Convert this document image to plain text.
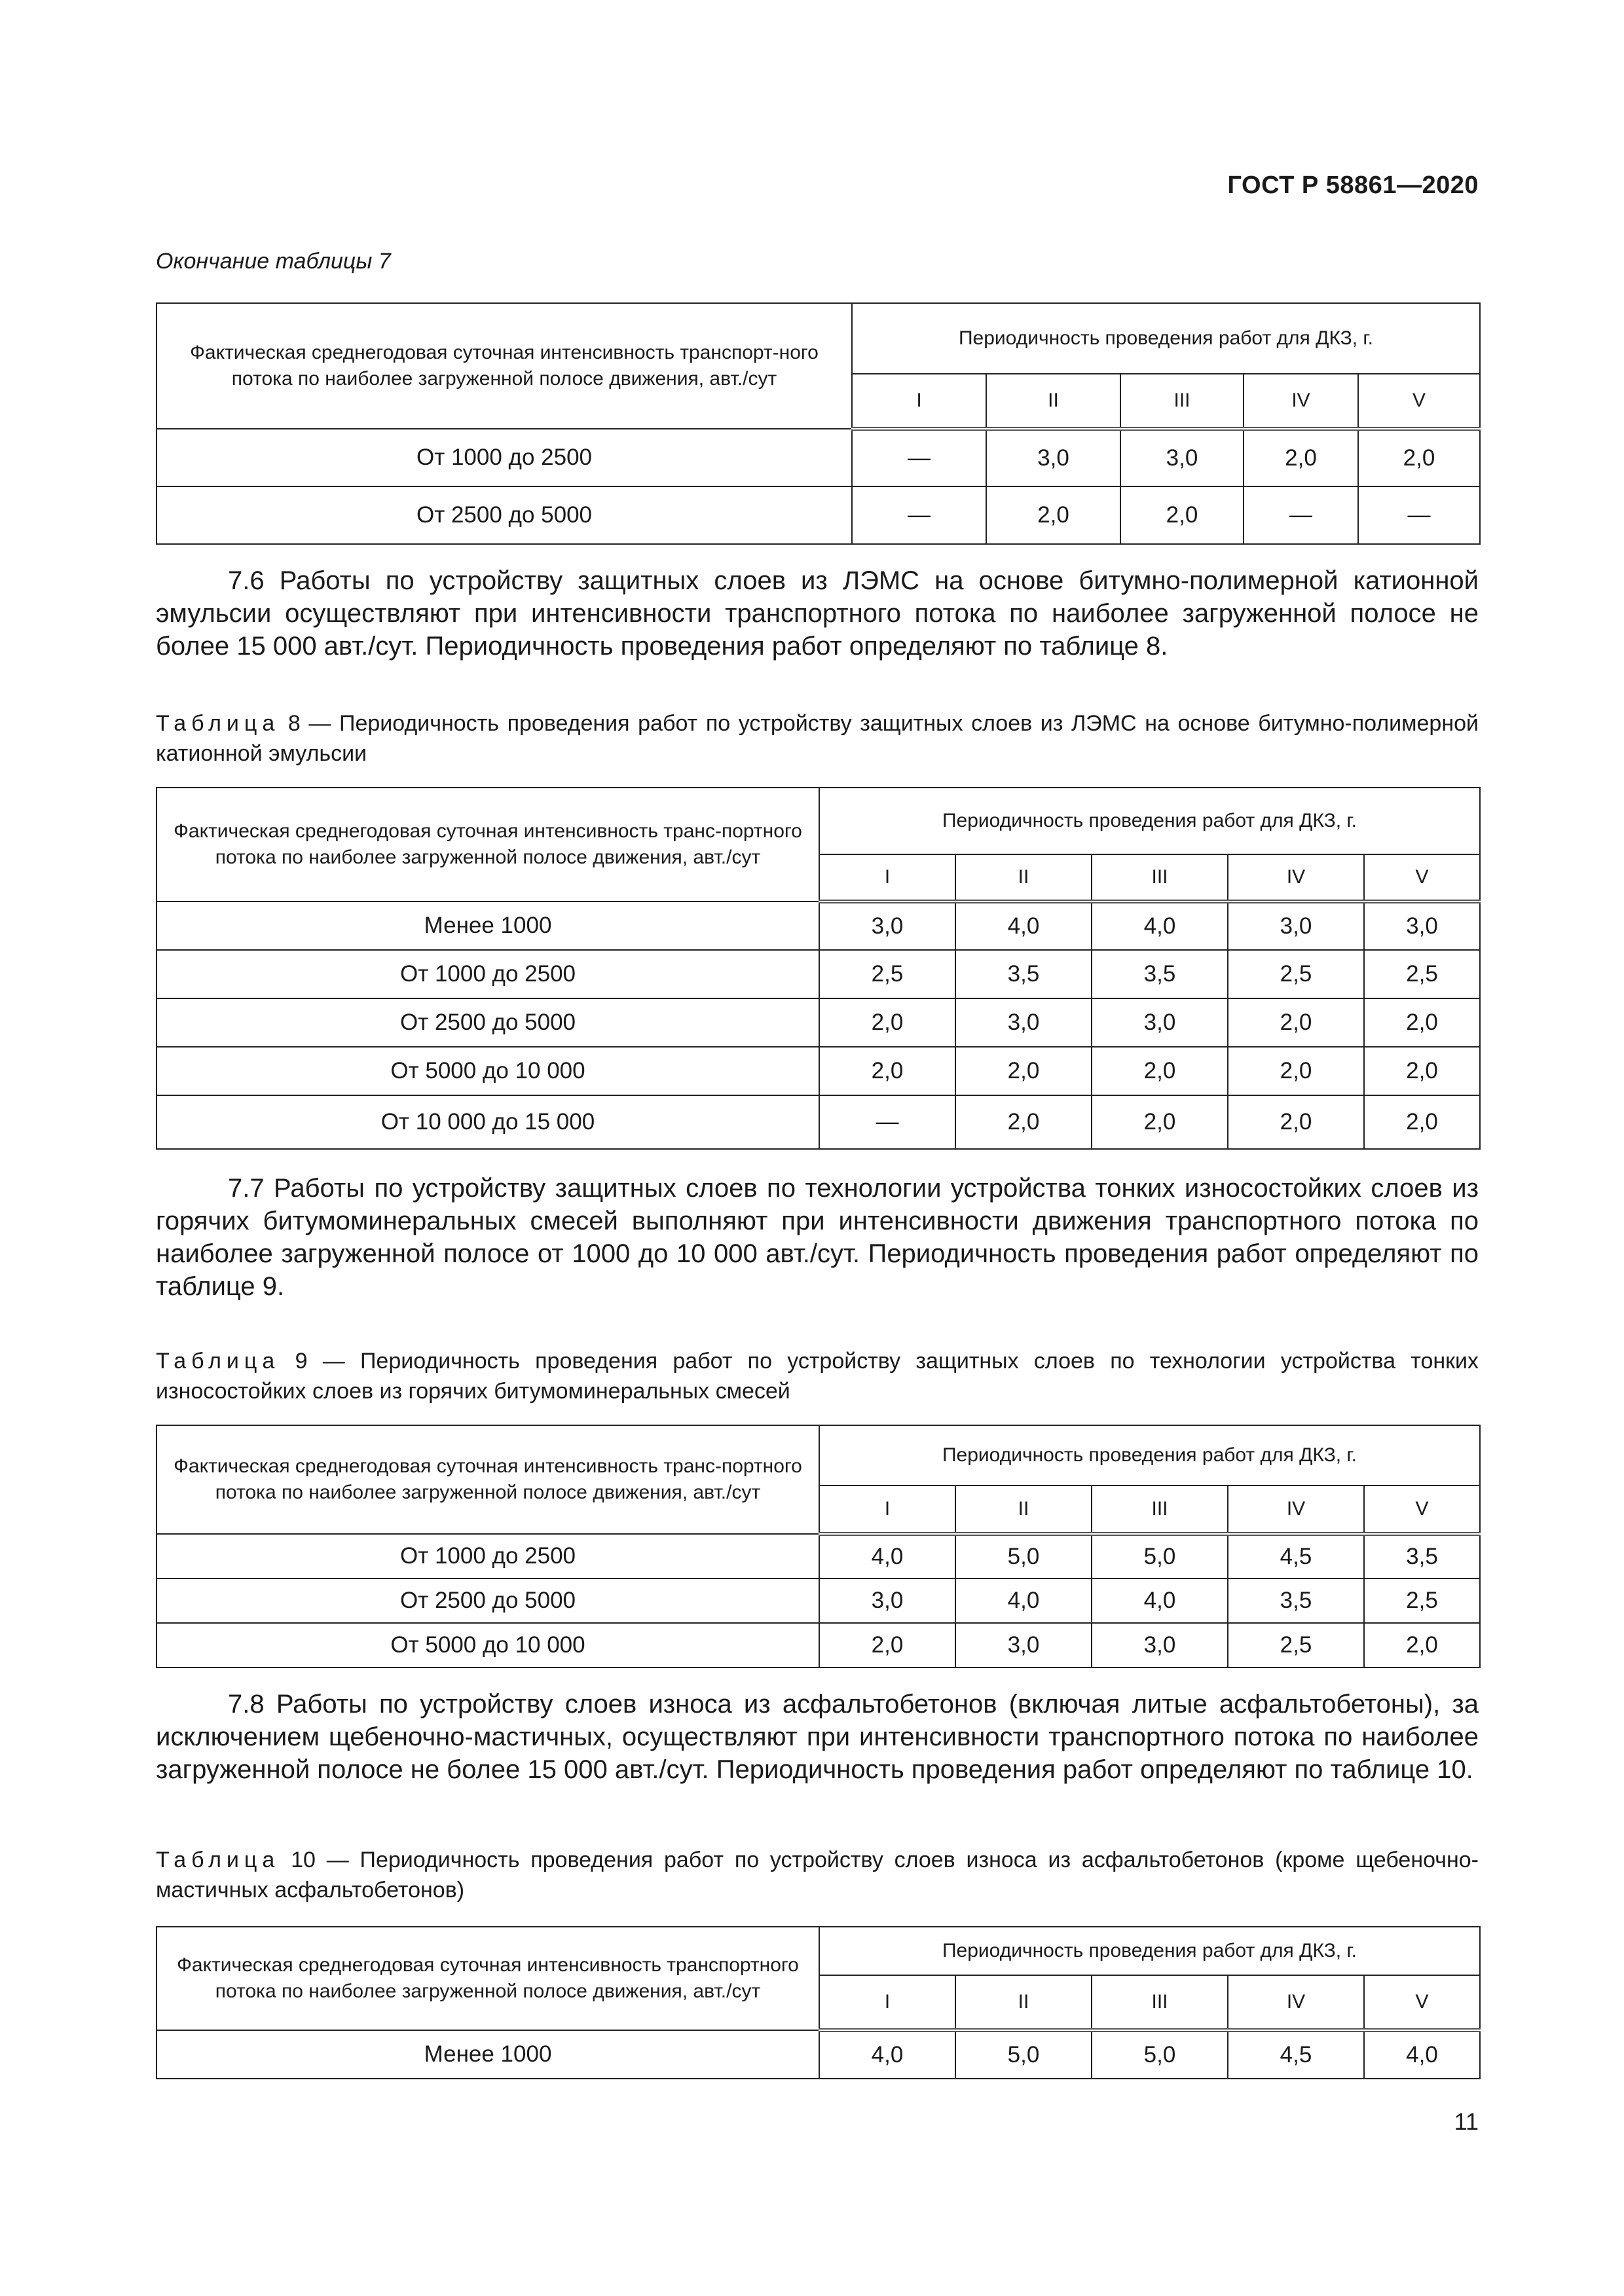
ГОСТ Р 58861—2020
Окончание таблицы 7
Фактическая среднегодовая суточная интенсивность транспорт-ного потока по наиболее загруженной полосе движения, авт./сут	Периодичность проведения работ для ДКЗ, г.				
	I	II	III	IV	V
От 1000 до 2500	—	3,0	3,0	2,0	2,0
От 2500 до 5000	—	2,0	2,0	—	—

7.6 Работы по устройству защитных слоев из ЛЭМС на основе битумно-полимерной катионной эмульсии осуществляют при интенсивности транспортного потока по наиболее загруженной полосе не более 15 000 авт./сут. Периодичность проведения работ определяют по таблице 8.

Таблица 8 — Периодичность проведения работ по устройству защитных слоев из ЛЭМС на основе битумно-полимерной катионной эмульсии
Фактическая среднегодовая суточная интенсивность транс-портного потока по наиболее загруженной полосе движения, авт./сут	Периодичность проведения работ для ДКЗ, г.				
	I	II	III	IV	V
Менее 1000	3,0	4,0	4,0	3,0	3,0
От 1000 до 2500	2,5	3,5	3,5	2,5	2,5
От 2500 до 5000	2,0	3,0	3,0	2,0	2,0
От 5000 до 10 000	2,0	2,0	2,0	2,0	2,0
От 10 000 до 15 000	—	2,0	2,0	2,0	2,0

7.7 Работы по устройству защитных слоев по технологии устройства тонких износостойких слоев из горячих битумоминеральных смесей выполняют при интенсивности движения транспортного потока по наиболее загруженной полосе от 1000 до 10 000 авт./сут. Периодичность проведения работ определяют по таблице 9.

Таблица 9 — Периодичность проведения работ по устройству защитных слоев по технологии устройства тонких износостойких слоев из горячих битумоминеральных смесей
Фактическая среднегодовая суточная интенсивность транс-портного потока по наиболее загруженной полосе движения, авт./сут	Периодичность проведения работ для ДКЗ, г.				
	I	II	III	IV	V
От 1000 до 2500	4,0	5,0	5,0	4,5	3,5
От 2500 до 5000	3,0	4,0	4,0	3,5	2,5
От 5000 до 10 000	2,0	3,0	3,0	2,5	2,0

7.8 Работы по устройству слоев износа из асфальтобетонов (включая литые асфальтобетоны), за исключением щебеночно-мастичных, осуществляют при интенсивности транспортного потока по наиболее загруженной полосе не более 15 000 авт./сут. Периодичность проведения работ определяют по таблице 10.

Таблица 10 — Периодичность проведения работ по устройству слоев износа из асфальтобетонов (кроме щебеночно-мастичных асфальтобетонов)
Фактическая среднегодовая суточная интенсивность транспортного потока по наиболее загруженной полосе движения, авт./сут	Периодичность проведения работ для ДКЗ, г.				
	I	II	III	IV	V
Менее 1000	4,0	5,0	5,0	4,5	4,0
11
